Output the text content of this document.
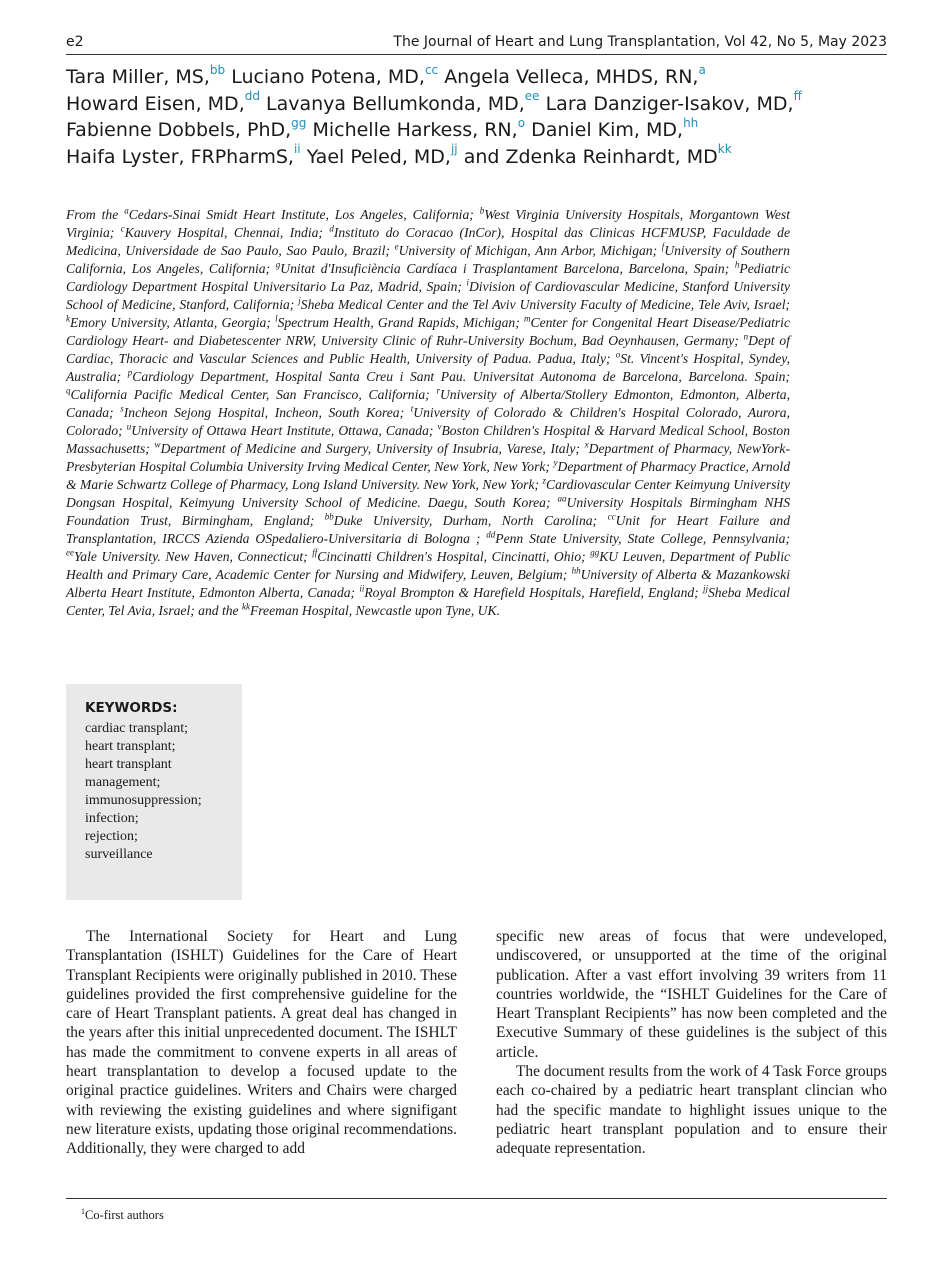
e2	The Journal of Heart and Lung Transplantation, Vol 42, No 5, May 2023
Tara Miller, MS,$^{bb}$ Luciano Potena, MD,$^{cc}$ Angela Velleca, MHDS, RN,$^a$
Howard Eisen, MD,$^{dd}$ Lavanya Bellumkonda, MD,$^{ee}$ Lara Danziger-Isakov, MD,$^{ff}$
Fabienne Dobbels, PhD,$^{gg}$ Michelle Harkess, RN,$^o$ Daniel Kim, MD,$^{hh}$
Haifa Lyster, FRPharmS,$^{ii}$ Yael Peled, MD,$^{jj}$ and Zdenka Reinhardt, $MD^{kk}$
From the $^a$Cedars-Sinai Smidt Heart Institute, Los Angeles, California; $^b$West Virginia University Hospitals, Morgantown West Virginia; $^c$Kauvery Hospital, Chennai, India; $^d$Instituto do Coracao (InCor), Hospital das Clinicas HCFMUSP, Faculdade de Medicina, Universidade de Sao Paulo, Sao Paulo, Brazil; $^e$University of Michigan, Ann Arbor, Michigan; $^f$University of Southern California, Los Angeles, California; $^g$Unitat d'Insuficiència Cardíaca i Trasplantament Barcelona, Barcelona, Spain; $^h$Pediatric Cardiology Department Hospital Universitario La Paz, Madrid, Spain; $^i$Division of Cardiovascular Medicine, Stanford University School of Medicine, Stanford, California; $^j$Sheba Medical Center and the Tel Aviv University Faculty of Medicine, Tele Aviv, Israel; $^k$Emory University, Atlanta, Georgia; $^l$Spectrum Health, Grand Rapids, Michigan; $^m$Center for Congenital Heart Disease/Pediatric Cardiology Heart- and Diabetescenter NRW, University Clinic of Ruhr-University Bochum, Bad Oeynhausen, Germany; $^n$Dept of Cardiac, Thoracic and Vascular Sciences and Public Health, University of Padua. Padua, Italy; $^o$St. Vincent's Hospital, Syndey, Australia; $^p$Cardiology Department, Hospital Santa Creu i Sant Pau. Universitat Autonoma de Barcelona, Barcelona. Spain; $^q$California Pacific Medical Center, San Francisco, California; $^r$University of Alberta/Stollery Edmonton, Edmonton, Alberta, Canada; $^s$Incheon Sejong Hospital, Incheon, South Korea; $^t$University of Colorado & Children's Hospital Colorado, Aurora, Colorado; $^u$University of Ottawa Heart Institute, Ottawa, Canada; $^v$Boston Children's Hospital & Harvard Medical School, Boston Massachusetts; $^w$Department of Medicine and Surgery, University of Insubria, Varese, Italy; $^x$Department of Pharmacy, NewYork-Presbyterian Hospital Columbia University Irving Medical Center, New York, New York; $^y$Department of Pharmacy Practice, Arnold & Marie Schwartz College of Pharmacy, Long Island University. New York, New York; $^z$Cardiovascular Center Keimyung University Dongsan Hospital, Keimyung University School of Medicine. Daegu, South Korea; $^{aa}$University Hospitals Birmingham NHS Foundation Trust, Birmingham, England; $^{bb}$Duke University, Durham, North Carolina; $^{cc}$Unit for Heart Failure and Transplantation, IRCCS Azienda OSpedaliero-Universitaria di Bologna ; $^{dd}$Penn State University, State College, Pennsylvania; $^{ee}$Yale University. New Haven, Connecticut; $^{ff}$Cincinatti Children's Hospital, Cincinatti, Ohio; $^{gg}$KU Leuven, Department of Public Health and Primary Care, Academic Center for Nursing and Midwifery, Leuven, Belgium; $^{hh}$University of Alberta & Mazankowski Alberta Heart Institute, Edmonton Alberta, Canada; $^{ii}$Royal Brompton & Harefield Hospitals, Harefield, England; $^{jj}$Sheba Medical Center, Tel Avia, Israel; and the $^{kk}$Freeman Hospital, Newcastle upon Tyne, UK.
KEYWORDS:
cardiac transplant;
heart transplant;
heart transplant
management;
immunosuppression;
infection;
rejection;
surveillance

The International Society for Heart and Lung Transplantation (ISHLT) Guidelines for the Care of Heart Transplant Recipients were originally published in 2010. These guidelines provided the first comprehensive guideline for the care of Heart Transplant patients. A great deal has changed in the years after this initial unprecedented document. The ISHLT has made the commitment to convene experts in all areas of heart transplantation to develop a focused update to the original practice guidelines. Writers and Chairs were charged with reviewing the existing guidelines and where signifigant new literature exists, updating those original recommendations. Additionally, they were charged to add

specific new areas of focus that were undeveloped, undiscovered, or unsupported at the time of the original publication. After a vast effort involving 39 writers from 11 countries worldwide, the “ISHLT Guidelines for the Care of Heart Transplant Recipients” has now been completed and the Executive Summary of these guidelines is the subject of this article.

The document results from the work of 4 Task Force groups each co-chaired by a pediatric heart transplant clincian who had the specific mandate to highlight issues unique to the pediatric heart transplant population and to ensure their adequate representation.

$^1$Co-first authors
